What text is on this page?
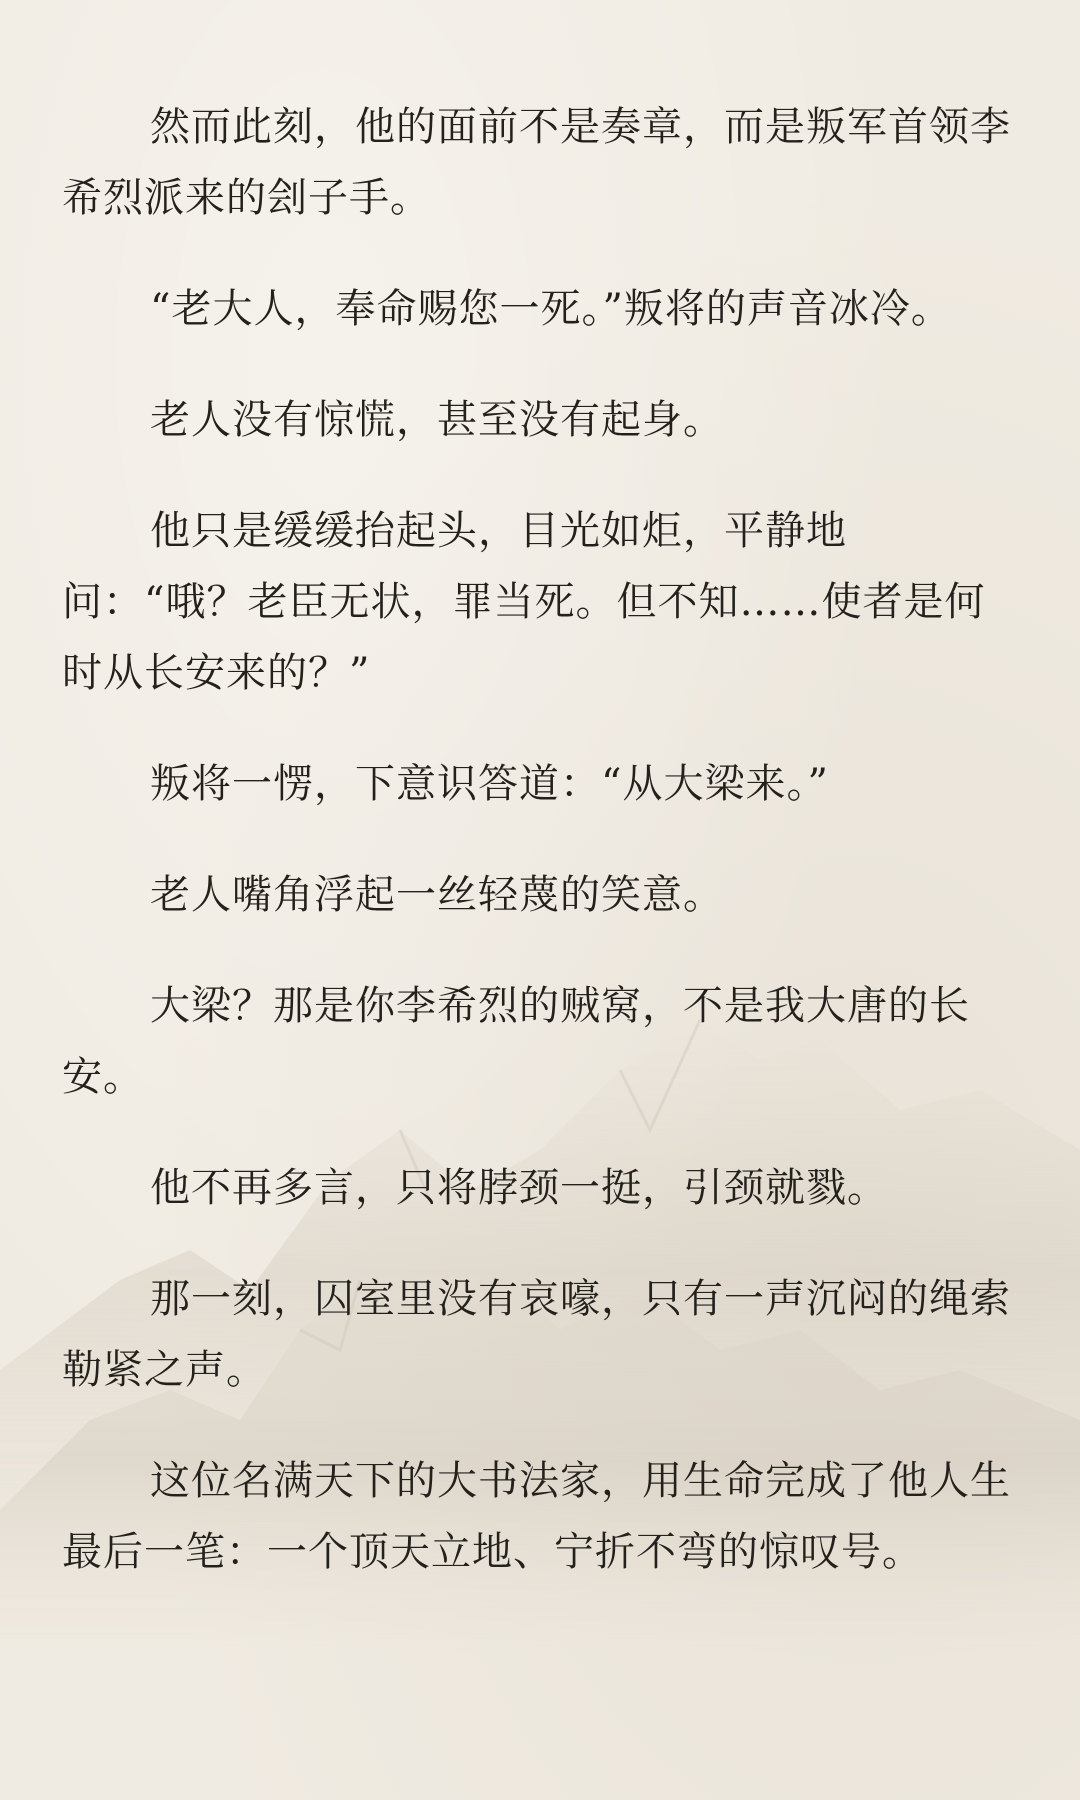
然而此刻，他的面前不是奏章，而是叛军首领李希烈派来的刽子手。

“老大人，奉命赐您一死。”叛将的声音冰冷。

老人没有惊慌，甚至没有起身。

他只是缓缓抬起头，目光如炬，平静地问：“哦？老臣无状，罪当死。但不知……使者是何时从长安来的？”

叛将一愣，下意识答道：“从大梁来。”

老人嘴角浮起一丝轻蔑的笑意。

大梁？那是你李希烈的贼窝，不是我大唐的长安。

他不再多言，只将脖颈一挺，引颈就戮。

那一刻，囚室里没有哀嚎，只有一声沉闷的绳索勒紧之声。

这位名满天下的大书法家，用生命完成了他人生最后一笔：一个顶天立地、宁折不弯的惊叹号。
